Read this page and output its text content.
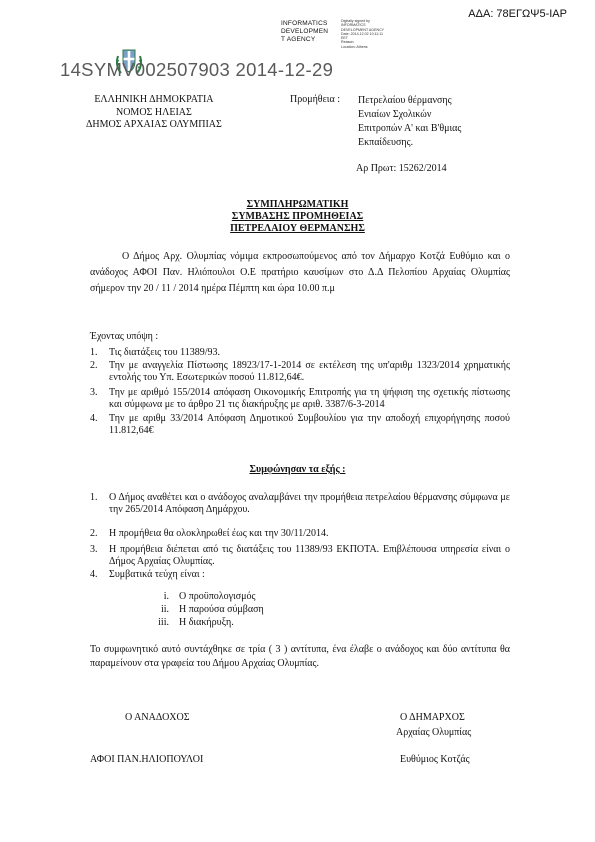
ΑΔΑ: 78ΕΓΩΨ5-ΙΑΡ
INFORMATICS
DEVELOPMEN
T AGENCY
Digitally signed by
INFORMATICS
DEVELOPMENT AGENCY
Date: 2014.12.02 10:11:11
EET
Reason:
Location: Athens
14SYMV002507903 2014-12-29
ΕΛΛΗΝΙΚΗ ΔΗΜΟΚΡΑΤΙΑ
ΝΟΜΟΣ ΗΛΕΙΑΣ
ΔΗΜΟΣ ΑΡΧΑΙΑΣ ΟΛΥΜΠΙΑΣ
Προμήθεια : Πετρελαίου θέρμανσης
Ενιαίων Σχολικών
Επιτροπών Α' και Β'θμιας
Εκπαίδευσης.
Αρ Πρωτ: 15262/2014
ΣΥΜΠΛΗΡΩΜΑΤΙΚΗ
ΣΥΜΒΑΣΗΣ ΠΡΟΜΗΘΕΙΑΣ
ΠΕΤΡΕΛΑΙΟΥ ΘΕΡΜΑΝΣΗΣ
Ο Δήμος Αρχ. Ολυμπίας νόμιμα εκπροσωπούμενος από τον Δήμαρχο Κοτζά Ευθύμιο και ο ανάδοχος ΑΦΟΙ Παν. Ηλιόπουλοι Ο.Ε πρατήριο καυσίμων στο Δ.Δ Πελοπίου Αρχαίας Ολυμπίας σήμερον την 20 / 11 / 2014 ημέρα Πέμπτη και ώρα 10.00 π.μ
Έχοντας υπόψη :
1.	Τις διατάξεις του 11389/93.
2.	Την με αναγγελία Πίστωσης 18923/17-1-2014 σε εκτέλεση της υπ'αριθμ 1323/2014 χρηματικής εντολής του Υπ. Εσωτερικών ποσού 11.812,64€.
3.	Την με αριθμό 155/2014 απόφαση Οικονομικής Επιτροπής για τη ψήφιση της σχετικής πίστωσης και σύμφωνα με το άρθρο 21 τις διακήρυξης με αριθ. 3387/6-3-2014
4.	Την με αριθμ 33/2014 Απόφαση Δημοτικού Συμβουλίου για την αποδοχή επιχορήγησης ποσού 11.812,64€
Συμφώνησαν τα εξής :
1.	Ο Δήμος αναθέτει και ο ανάδοχος αναλαμβάνει την προμήθεια πετρελαίου θέρμανσης σύμφωνα με την 265/2014 Απόφαση Δημάρχου.
2.	Η προμήθεια θα ολοκληρωθεί έως και την 30/11/2014.
3.	Η προμήθεια διέπεται από τις διατάξεις του 11389/93 ΕΚΠΟΤΑ. Επιβλέπουσα υπηρεσία είναι ο Δήμος Αρχαίας Ολυμπίας.
4.	Συμβατικά τεύχη είναι :
i. Ο προϋπολογισμός
ii. Η παρούσα σύμβαση
iii. Η διακήρυξη.
Το συμφωνητικό αυτό συντάχθηκε σε τρία ( 3 ) αντίτυπα, ένα έλαβε ο ανάδοχος και δύο αντίτυπα θα παραμείνουν στα γραφεία του Δήμου Αρχαίας Ολυμπίας.
Ο ΑΝΑΔΟΧΟΣ	Ο ΔΗΜΑΡΧΟΣ
Αρχαίας Ολυμπίας
ΑΦΟΙ ΠΑΝ.ΗΛΙΟΠΟΥΛΟΙ	Ευθύμιος Κοτζάς
